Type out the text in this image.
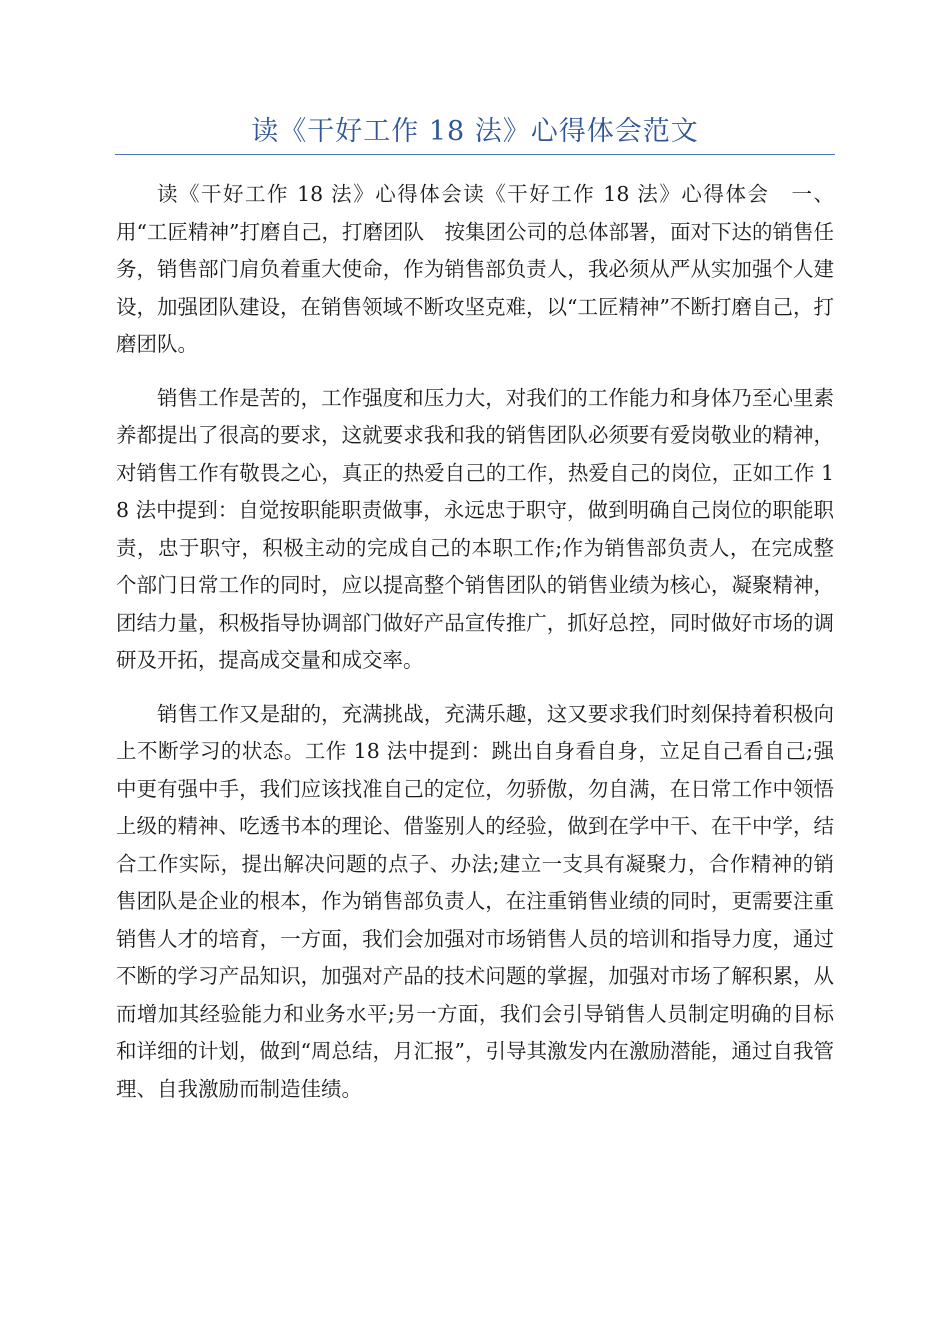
读《干好工作 18 法》心得体会范文

读《干好工作 18 法》心得体会读《干好工作 18 法》心得体会　一、用“工匠精神”打磨自己，打磨团队　按集团公司的总体部署，面对下达的销售任务，销售部门肩负着重大使命，作为销售部负责人，我必须从严从实加强个人建设，加强团队建设，在销售领域不断攻坚克难，以“工匠精神”不断打磨自己，打磨团队。

销售工作是苦的，工作强度和压力大，对我们的工作能力和身体乃至心里素养都提出了很高的要求，这就要求我和我的销售团队必须要有爱岗敬业的精神，对销售工作有敬畏之心，真正的热爱自己的工作，热爱自己的岗位，正如工作 18 法中提到：自觉按职能职责做事，永远忠于职守，做到明确自己岗位的职能职责，忠于职守，积极主动的完成自己的本职工作;作为销售部负责人，在完成整个部门日常工作的同时，应以提高整个销售团队的销售业绩为核心，凝聚精神，团结力量，积极指导协调部门做好产品宣传推广，抓好总控，同时做好市场的调研及开拓，提高成交量和成交率。

销售工作又是甜的，充满挑战，充满乐趣，这又要求我们时刻保持着积极向上不断学习的状态。工作 18 法中提到：跳出自身看自身，立足自己看自己;强中更有强中手，我们应该找准自己的定位，勿骄傲，勿自满，在日常工作中领悟上级的精神、吃透书本的理论、借鉴别人的经验，做到在学中干、在干中学，结合工作实际，提出解决问题的点子、办法;建立一支具有凝聚力，合作精神的销售团队是企业的根本，作为销售部负责人，在注重销售业绩的同时，更需要注重销售人才的培育，一方面，我们会加强对市场销售人员的培训和指导力度，通过不断的学习产品知识，加强对产品的技术问题的掌握，加强对市场了解积累，从而增加其经验能力和业务水平;另一方面，我们会引导销售人员制定明确的目标和详细的计划，做到“周总结，月汇报”，引导其激发内在激励潜能，通过自我管理、自我激励而制造佳绩。
